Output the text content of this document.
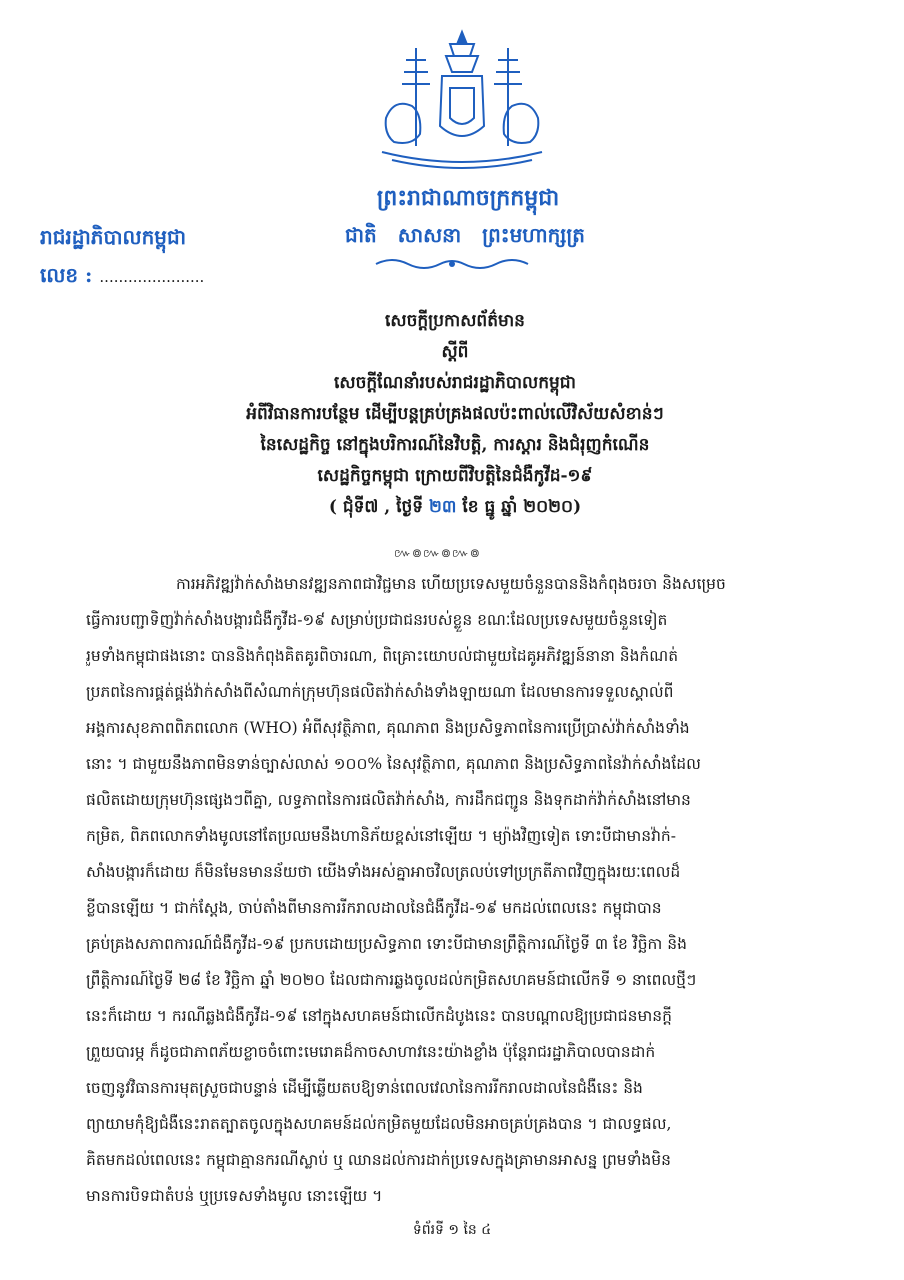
ព្រះរាជាណាចក្រកម្ពុជា
ជាតិ សាសនា ព្រះមហាក្សត្រ
រាជរដ្ឋាភិបាលកម្ពុជា
លេខ : ......................
សេចក្ដីប្រកាសព័ត៌មាន
ស្ដីពី
សេចក្ដីណែនាំរបស់រាជរដ្ឋាភិបាលកម្ពុជា
អំពីវិធានការបន្ថែម ដើម្បីបន្តគ្រប់គ្រងផលប៉ះពាល់លើវិស័យសំខាន់ៗ
នៃសេដ្ឋកិច្ច នៅក្នុងបរិការណ៍នៃវិបត្តិ, ការស្ដារ និងជំរុញកំណើន
សេដ្ឋកិច្ចកម្ពុជា ក្រោយពីវិបត្តិនៃជំងឺកូវីដ-១៩
( ជុំទី៧ , ថ្ងៃទី ២៣ ខែ ធ្នូ ឆ្នាំ ២០២០)
៚៙៚៙៚៙
ការអភិវឌ្ឍវ៉ាក់សាំងមានវឌ្ឍនភាពជាវិជ្ជមាន ហើយប្រទេសមួយចំនួនបាននិងកំពុងចរចា និងសម្រេច
ធ្វើការបញ្ជាទិញវ៉ាក់សាំងបង្ការជំងឺកូវីដ-១៩ សម្រាប់ប្រជាជនរបស់ខ្លួន ខណៈដែលប្រទេសមួយចំនួនទៀត
រួមទាំងកម្ពុជាផងនោះ បាននិងកំពុងគិតគូរពិចារណា, ពិគ្រោះយោបល់ជាមួយដៃគូអភិវឌ្ឍន៍នានា និងកំណត់
ប្រភពនៃការផ្គត់ផ្គង់វ៉ាក់សាំងពីសំណាក់ក្រុមហ៊ុនផលិតវ៉ាក់សាំងទាំងឡាយណា ដែលមានការទទួលស្គាល់ពី
អង្គការសុខភាពពិភពលោក (WHO) អំពីសុវត្ថិភាព, គុណភាព និងប្រសិទ្ធភាពនៃការប្រើប្រាស់វ៉ាក់សាំងទាំង
នោះ ។ ជាមួយនឹងភាពមិនទាន់ច្បាស់លាស់ ១០០% នៃសុវត្ថិភាព, គុណភាព និងប្រសិទ្ធភាពនៃវ៉ាក់សាំងដែល
ផលិតដោយក្រុមហ៊ុនផ្សេងៗពីគ្នា, លទ្ធភាពនៃការផលិតវ៉ាក់សាំង, ការដឹកជញ្ជូន និងទុកដាក់វ៉ាក់សាំងនៅមាន
កម្រិត, ពិភពលោកទាំងមូលនៅតែប្រឈមនឹងហានិភ័យខ្ពស់នៅឡើយ ។ ម្យ៉ាងវិញទៀត ទោះបីជាមានវ៉ាក់-
សាំងបង្ការក៏ដោយ ក៏មិនមែនមានន័យថា យើងទាំងអស់គ្នាអាចវិលត្រលប់ទៅប្រក្រតីភាពវិញក្នុងរយៈពេលដ៏
ខ្លីបានឡើយ ។ ជាក់ស្ដែង, ចាប់តាំងពីមានការរីករាលដាលនៃជំងឺកូវីដ-១៩ មកដល់ពេលនេះ កម្ពុជាបាន
គ្រប់គ្រងសភាពការណ៍ជំងឺកូវីដ-១៩ ប្រកបដោយប្រសិទ្ធភាព ទោះបីជាមានព្រឹត្តិការណ៍ថ្ងៃទី ៣ ខែ វិច្ឆិកា និង
ព្រឹត្តិការណ៍ថ្ងៃទី ២៨ ខែ វិច្ឆិកា ឆ្នាំ ២០២០ ដែលជាការឆ្លងចូលដល់កម្រិតសហគមន៍ជាលើកទី ១ នាពេលថ្មីៗ
នេះក៏ដោយ ។ ករណីឆ្លងជំងឺកូវីដ-១៩ នៅក្នុងសហគមន៍ជាលើកដំបូងនេះ បានបណ្ដាលឱ្យប្រជាជនមានក្ដី
ព្រួយបារម្ភ ក៏ដូចជាភាពភ័យខ្លាចចំពោះមេរោគដ៏កាចសាហាវនេះយ៉ាងខ្លាំង ប៉ុន្តែរាជរដ្ឋាភិបាលបានដាក់
ចេញនូវវិធានការមុតស្រួចជាបន្ទាន់ ដើម្បីឆ្លើយតបឱ្យទាន់ពេលវេលានៃការរីករាលដាលនៃជំងឺនេះ និង
ព្យាយាមកុំឱ្យជំងឺនេះរាតត្បាតចូលក្នុងសហគមន៍ដល់កម្រិតមួយដែលមិនអាចគ្រប់គ្រងបាន ។ ជាលទ្ធផល,
គិតមកដល់ពេលនេះ កម្ពុជាគ្មានករណីស្លាប់ ឬ ឈានដល់ការដាក់ប្រទេសក្នុងគ្រាមានអាសន្ន ព្រមទាំងមិន
មានការបិទជាតំបន់ ឬប្រទេសទាំងមូល នោះឡើយ ។
ទំព័រទី ១ នៃ ៤
